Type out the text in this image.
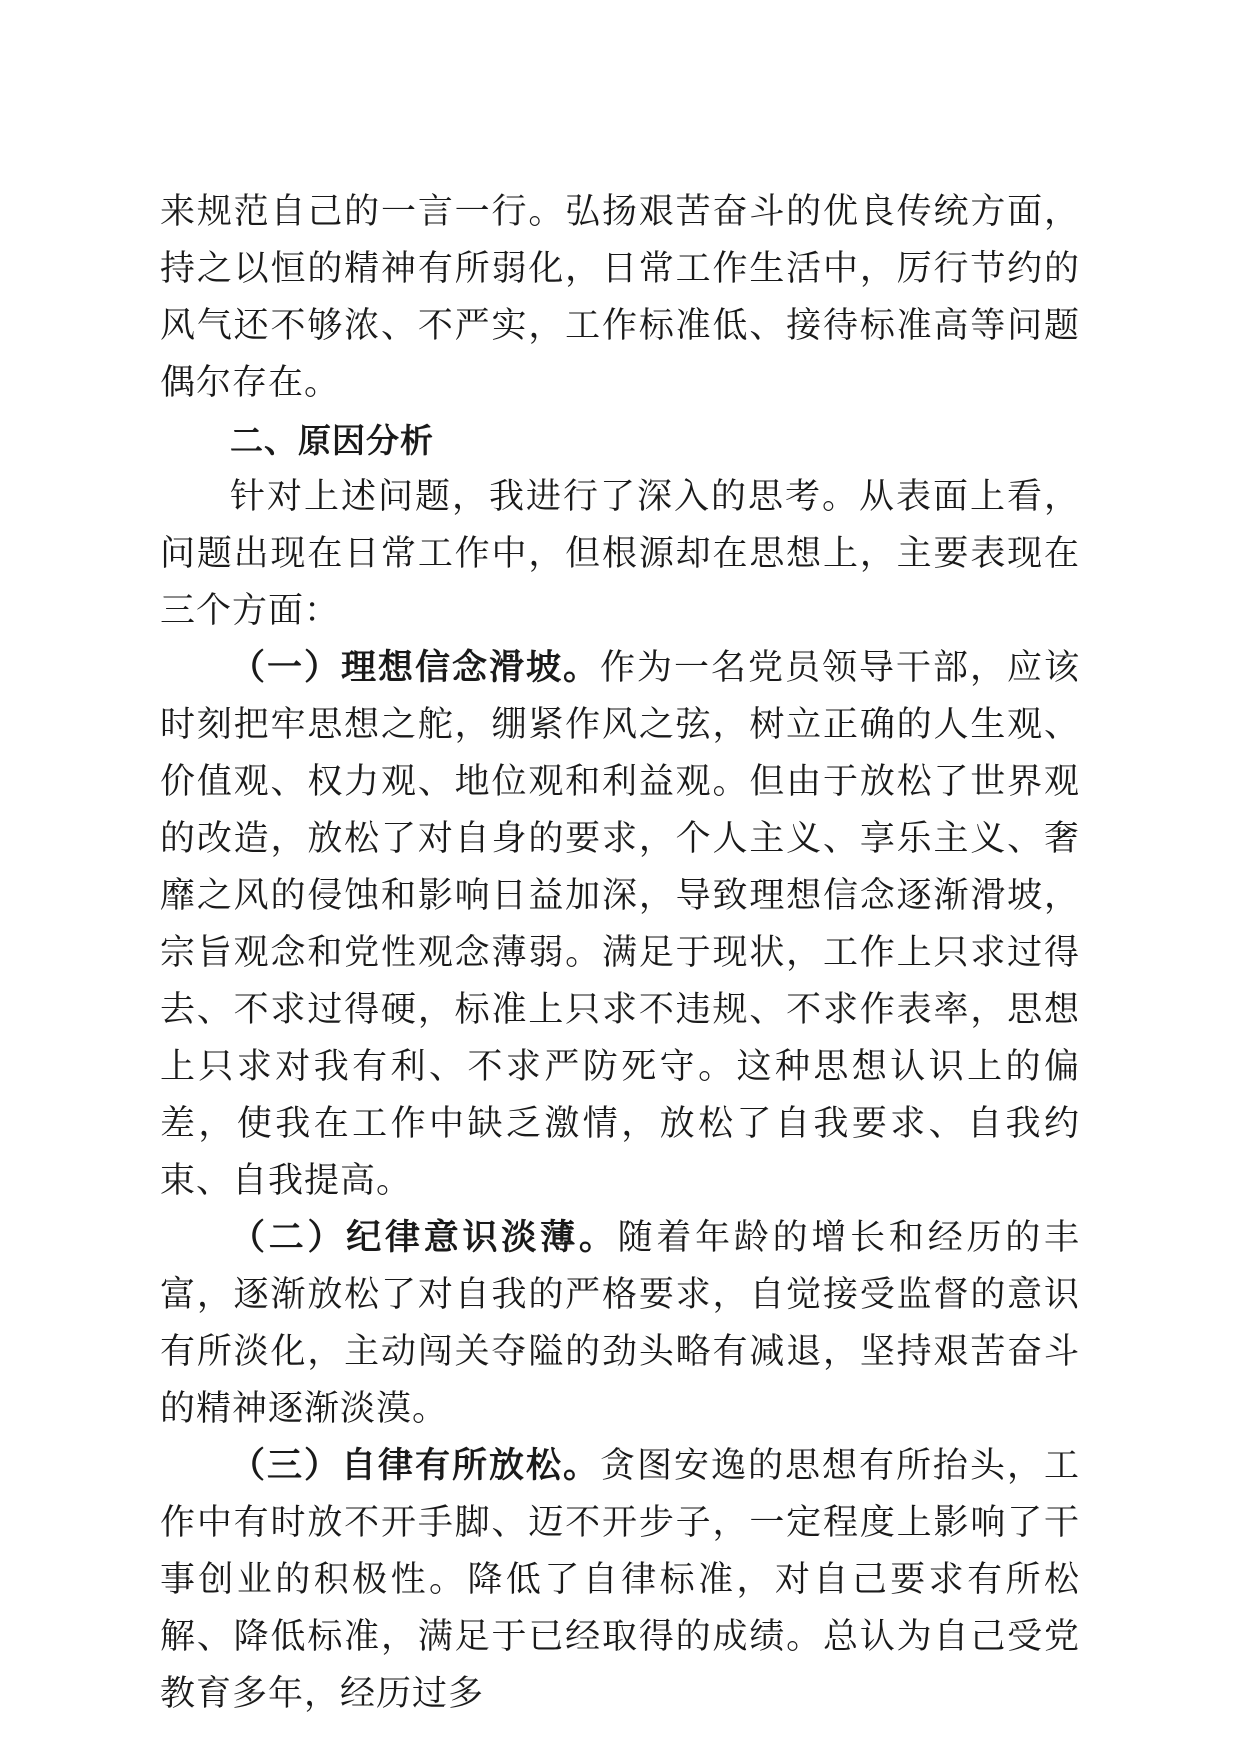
来规范自己的一言一行。弘扬艰苦奋斗的优良传统方面，持之以恒的精神有所弱化，日常工作生活中，厉行节约的风气还不够浓、不严实，工作标准低、接待标准高等问题偶尔存在。

二、原因分析

针对上述问题，我进行了深入的思考。从表面上看，问题出现在日常工作中，但根源却在思想上，主要表现在三个方面：

（一）理想信念滑坡。作为一名党员领导干部，应该时刻把牢思想之舵，绷紧作风之弦，树立正确的人生观、价值观、权力观、地位观和利益观。但由于放松了世界观的改造，放松了对自身的要求，个人主义、享乐主义、奢靡之风的侵蚀和影响日益加深，导致理想信念逐渐滑坡，宗旨观念和党性观念薄弱。满足于现状，工作上只求过得去、不求过得硬，标准上只求不违规、不求作表率，思想上只求对我有利、不求严防死守。这种思想认识上的偏差，使我在工作中缺乏激情，放松了自我要求、自我约束、自我提高。

（二）纪律意识淡薄。随着年龄的增长和经历的丰富，逐渐放松了对自我的严格要求，自觉接受监督的意识有所淡化，主动闯关夺隘的劲头略有减退，坚持艰苦奋斗的精神逐渐淡漠。

（三）自律有所放松。贪图安逸的思想有所抬头，工作中有时放不开手脚、迈不开步子，一定程度上影响了干事创业的积极性。降低了自律标准，对自己要求有所松解、降低标准，满足于已经取得的成绩。总认为自己受党教育多年，经历过多
